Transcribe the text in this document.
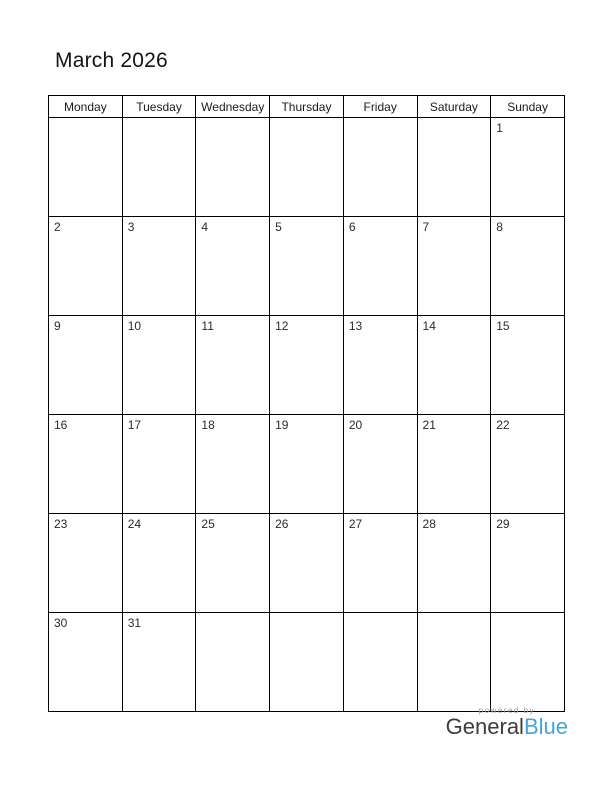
March 2026
Monday	Tuesday	Wednesday	Thursday	Friday	Saturday	Sunday
						1
2	3	4	5	6	7	8
9	10	11	12	13	14	15
16	17	18	19	20	21	22
23	24	25	26	27	28	29
30	31					
powered by
GeneralBlue
